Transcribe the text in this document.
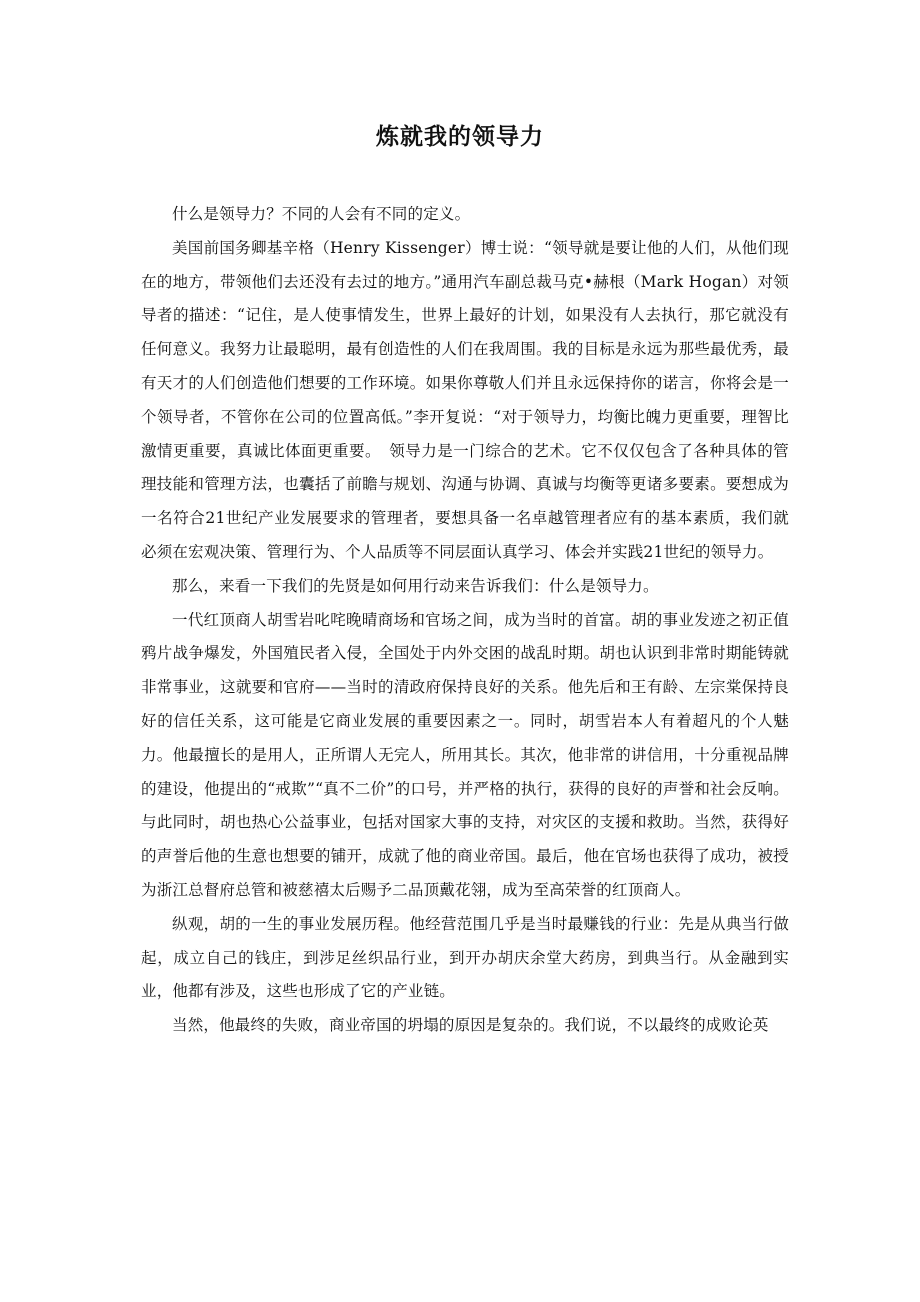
炼就我的领导力

什么是领导力？不同的人会有不同的定义。

美国前国务卿基辛格（Henry Kissenger）博士说：“领导就是要让他的人们，从他们现在的地方，带领他们去还没有去过的地方。”通用汽车副总裁马克•赫根（Mark Hogan）对领导者的描述：“记住，是人使事情发生，世界上最好的计划，如果没有人去执行，那它就没有任何意义。我努力让最聪明，最有创造性的人们在我周围。我的目标是永远为那些最优秀，最有天才的人们创造他们想要的工作环境。如果你尊敬人们并且永远保持你的诺言，你将会是一个领导者，不管你在公司的位置高低。”李开复说：“对于领导力，均衡比魄力更重要，理智比激情更重要，真诚比体面更重要。　领导力是一门综合的艺术。它不仅仅包含了各种具体的管理技能和管理方法，也囊括了前瞻与规划、沟通与协调、真诚与均衡等更诸多要素。要想成为一名符合21世纪产业发展要求的管理者，要想具备一名卓越管理者应有的基本素质，我们就必须在宏观决策、管理行为、个人品质等不同层面认真学习、体会并实践21世纪的领导力。

那么，来看一下我们的先贤是如何用行动来告诉我们：什么是领导力。

一代红顶商人胡雪岩叱咤晚晴商场和官场之间，成为当时的首富。胡的事业发迹之初正值鸦片战争爆发，外国殖民者入侵，全国处于内外交困的战乱时期。胡也认识到非常时期能铸就非常事业，这就要和官府——当时的清政府保持良好的关系。他先后和王有龄、左宗棠保持良好的信任关系，这可能是它商业发展的重要因素之一。同时，胡雪岩本人有着超凡的个人魅力。他最擅长的是用人，正所谓人无完人，所用其长。其次，他非常的讲信用，十分重视品牌的建设，他提出的“戒欺”“真不二价”的口号，并严格的执行，获得的良好的声誉和社会反响。与此同时，胡也热心公益事业，包括对国家大事的支持，对灾区的支援和救助。当然，获得好的声誉后他的生意也想要的铺开，成就了他的商业帝国。最后，他在官场也获得了成功，被授为浙江总督府总管和被慈禧太后赐予二品顶戴花翎，成为至高荣誉的红顶商人。

纵观，胡的一生的事业发展历程。他经营范围几乎是当时最赚钱的行业：先是从典当行做起，成立自己的钱庄，到涉足丝织品行业，到开办胡庆余堂大药房，到典当行。从金融到实业，他都有涉及，这些也形成了它的产业链。

当然，他最终的失败，商业帝国的坍塌的原因是复杂的。我们说，不以最终的成败论英
